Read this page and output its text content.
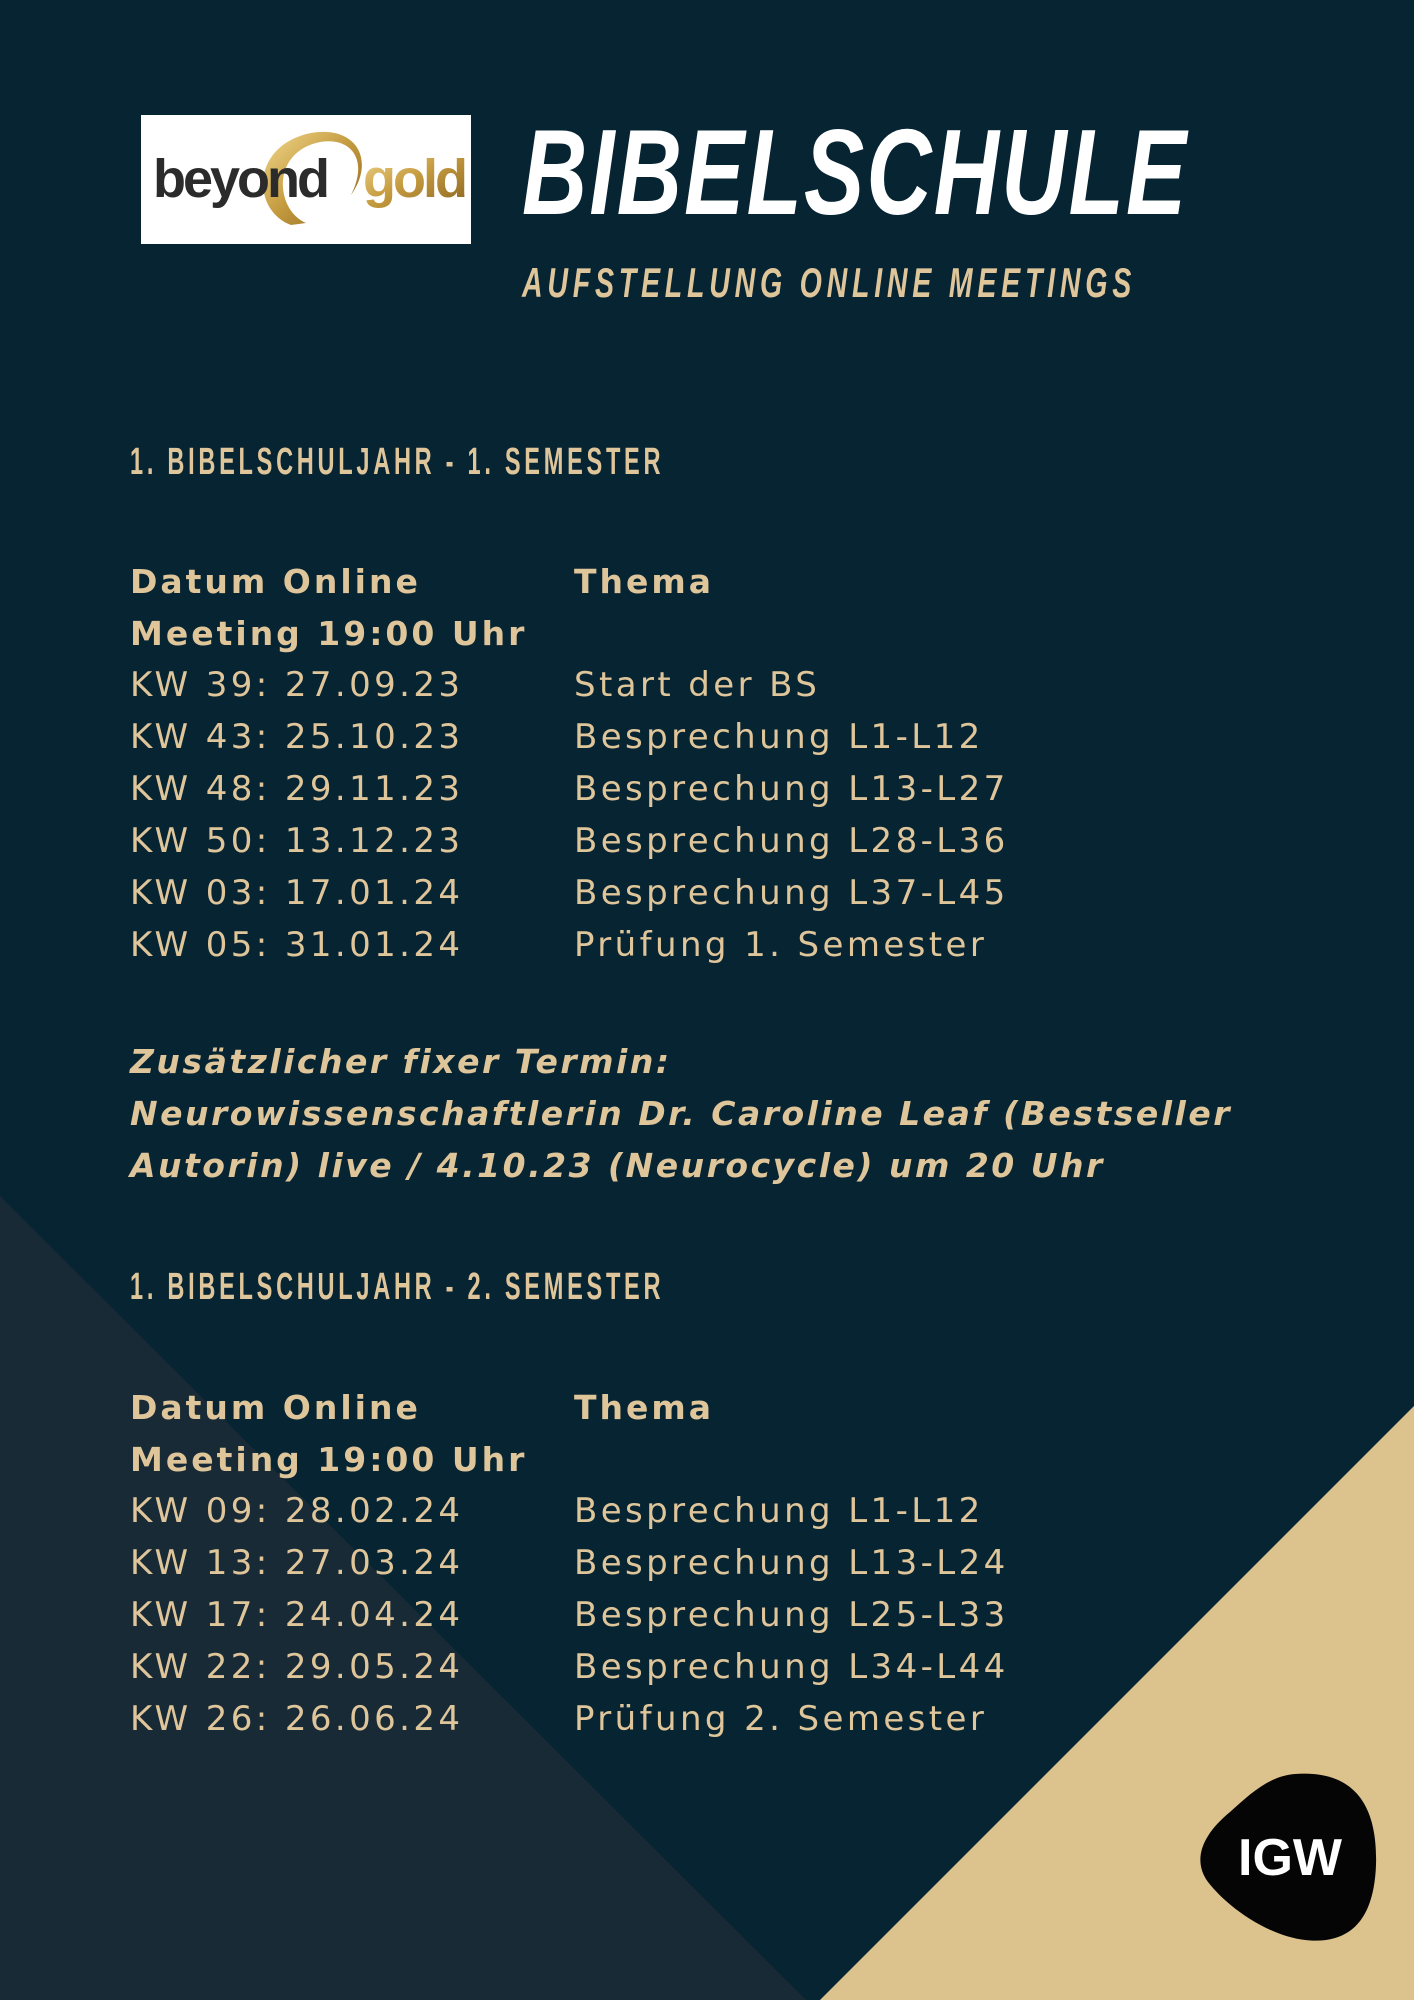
beyond gold BIBELSCHULE
AUFSTELLUNG ONLINE MEETINGS
1. BIBELSCHULJAHR - 1. SEMESTER
Datum Online	Thema
Meeting 19:00 Uhr
KW 39: 27.09.23	Start der BS
KW 43: 25.10.23	Besprechung L1-L12
KW 48: 29.11.23	Besprechung L13-L27
KW 50: 13.12.23	Besprechung L28-L36
KW 03: 17.01.24	Besprechung L37-L45
KW 05: 31.01.24	Prüfung 1. Semester
Zusätzlicher fixer Termin:
Neurowissenschaftlerin Dr. Caroline Leaf (Bestseller
Autorin) live / 4.10.23 (Neurocycle) um 20 Uhr
1. BIBELSCHULJAHR - 2. SEMESTER
Datum Online	Thema
Meeting 19:00 Uhr
KW 09: 28.02.24	Besprechung L1-L12
KW 13: 27.03.24	Besprechung L13-L24
KW 17: 24.04.24	Besprechung L25-L33
KW 22: 29.05.24	Besprechung L34-L44
KW 26: 26.06.24	Prüfung 2. Semester
IGW
